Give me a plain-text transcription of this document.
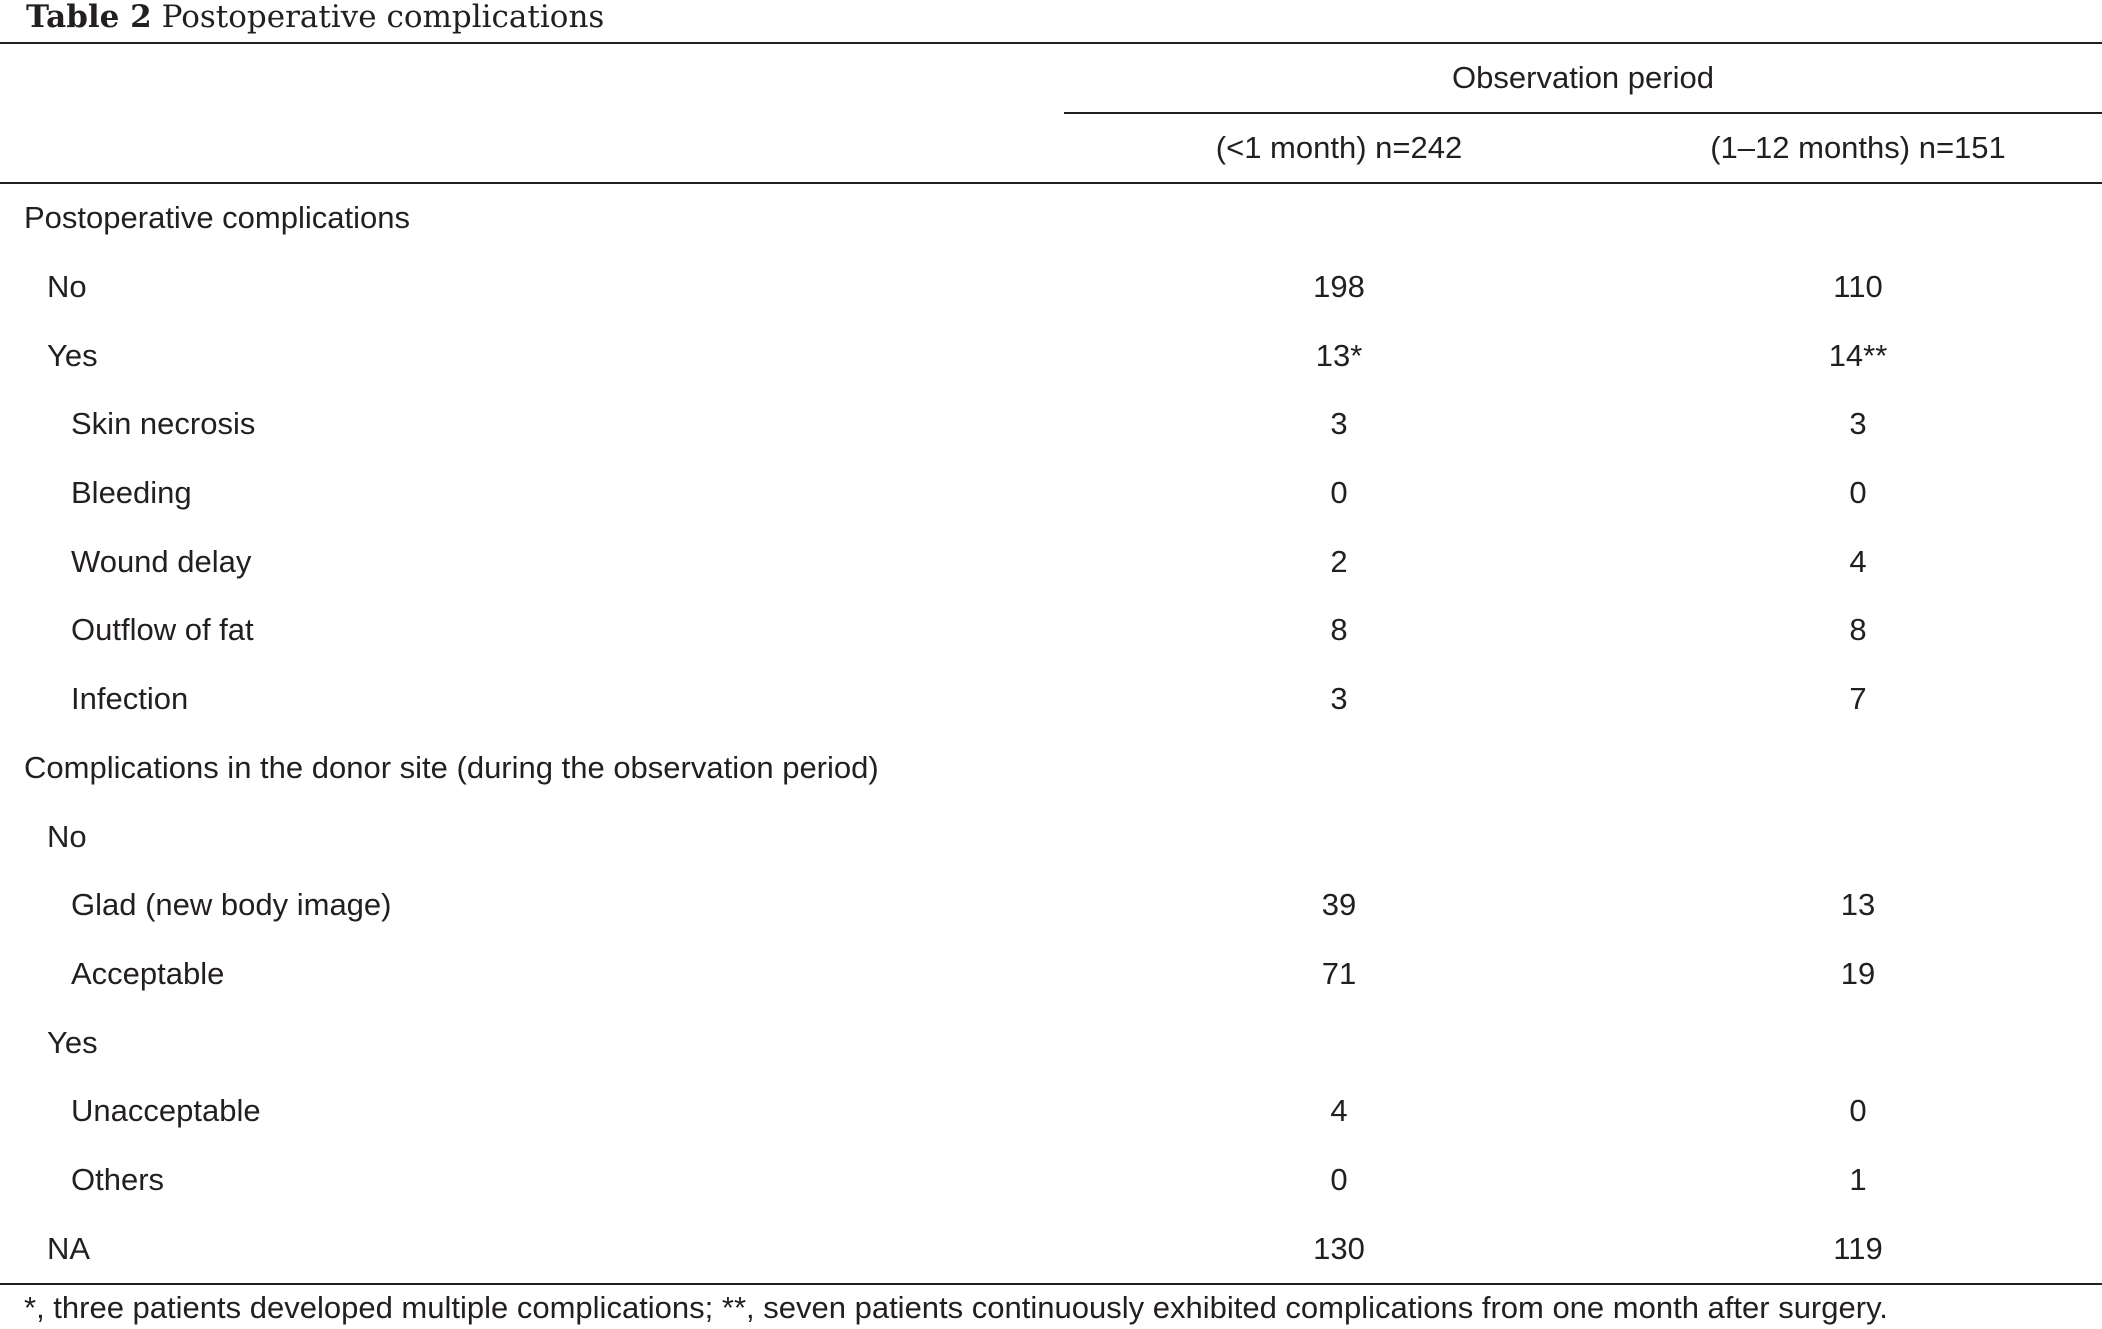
Table 2 Postoperative complications
	Observation period	
	(<1 month) n=242	(1–12 months) n=151
Postoperative complications		
No	198	110
Yes	13*	14**
Skin necrosis	3	3
Bleeding	0	0
Wound delay	2	4
Outflow of fat	8	8
Infection	3	7
Complications in the donor site (during the observation period)		
No		
Glad (new body image)	39	13
Acceptable	71	19
Yes		
Unacceptable	4	0
Others	0	1
NA	130	119
*, three patients developed multiple complications; **, seven patients continuously exhibited complications from one month after surgery.
